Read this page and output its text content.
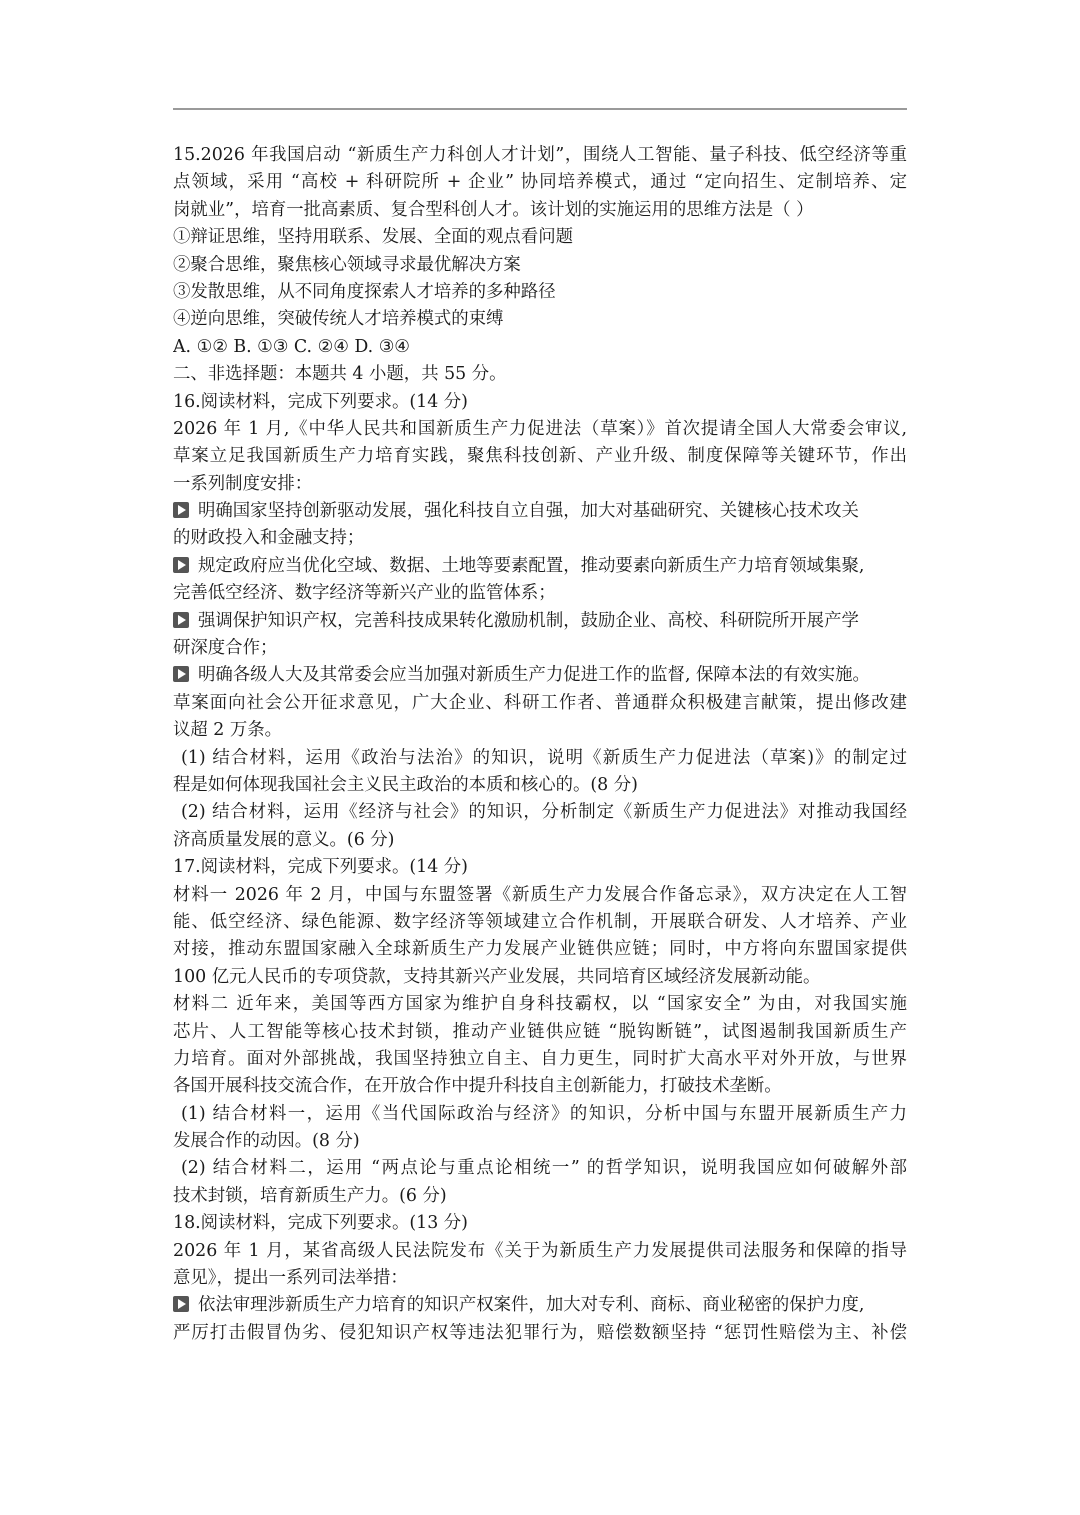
15.2026 年我国启动 “新质生产力科创人才计划”，围绕人工智能、量子科技、低空经济等重
点领域，采用 “高校 + 科研院所 + 企业” 协同培养模式，通过 “定向招生、定制培养、定
岗就业”，培育一批高素质、复合型科创人才。该计划的实施运用的思维方法是（ ）
①辩证思维，坚持用联系、发展、全面的观点看问题
②聚合思维，聚焦核心领域寻求最优解决方案
③发散思维，从不同角度探索人才培养的多种路径
④逆向思维，突破传统人才培养模式的束缚
A. ①② B. ①③ C. ②④ D. ③④
二、非选择题：本题共 4 小题，共 55 分。
16.阅读材料，完成下列要求。(14 分)
2026 年 1 月,《中华人民共和国新质生产力促进法（草案）》首次提请全国人大常委会审议,
草案立足我国新质生产力培育实践，聚焦科技创新、产业升级、制度保障等关键环节，作出
一系列制度安排：
明确国家坚持创新驱动发展，强化科技自立自强，加大对基础研究、关键核心技术攻关
的财政投入和金融支持；
规定政府应当优化空域、数据、土地等要素配置，推动要素向新质生产力培育领域集聚,
完善低空经济、数字经济等新兴产业的监管体系；
强调保护知识产权，完善科技成果转化激励机制，鼓励企业、高校、科研院所开展产学
研深度合作；
明确各级人大及其常委会应当加强对新质生产力促进工作的监督, 保障本法的有效实施。
草案面向社会公开征求意见，广大企业、科研工作者、普通群众积极建言献策，提出修改建
议超 2 万条。
(1) 结合材料，运用《政治与法治》的知识，说明《新质生产力促进法（草案)》的制定过
程是如何体现我国社会主义民主政治的本质和核心的。(8 分)
(2) 结合材料，运用《经济与社会》的知识，分析制定《新质生产力促进法》对推动我国经
济高质量发展的意义。(6 分)
17.阅读材料，完成下列要求。(14 分)
材料一 2026 年 2 月，中国与东盟签署《新质生产力发展合作备忘录》，双方决定在人工智
能、低空经济、绿色能源、数字经济等领域建立合作机制，开展联合研发、人才培养、产业
对接，推动东盟国家融入全球新质生产力发展产业链供应链；同时，中方将向东盟国家提供
100 亿元人民币的专项贷款，支持其新兴产业发展，共同培育区域经济发展新动能。
材料二 近年来，美国等西方国家为维护自身科技霸权，以 “国家安全” 为由，对我国实施
芯片、人工智能等核心技术封锁，推动产业链供应链 “脱钩断链”，试图遏制我国新质生产
力培育。面对外部挑战，我国坚持独立自主、自力更生，同时扩大高水平对外开放，与世界
各国开展科技交流合作，在开放合作中提升科技自主创新能力，打破技术垄断。
(1) 结合材料一，运用《当代国际政治与经济》的知识，分析中国与东盟开展新质生产力
发展合作的动因。(8 分)
(2) 结合材料二，运用 “两点论与重点论相统一” 的哲学知识，说明我国应如何破解外部
技术封锁，培育新质生产力。(6 分)
18.阅读材料，完成下列要求。(13 分)
2026 年 1 月，某省高级人民法院发布《关于为新质生产力发展提供司法服务和保障的指导
意见》，提出一系列司法举措：
依法审理涉新质生产力培育的知识产权案件，加大对专利、商标、商业秘密的保护力度,
严厉打击假冒伪劣、侵犯知识产权等违法犯罪行为，赔偿数额坚持 “惩罚性赔偿为主、补偿
